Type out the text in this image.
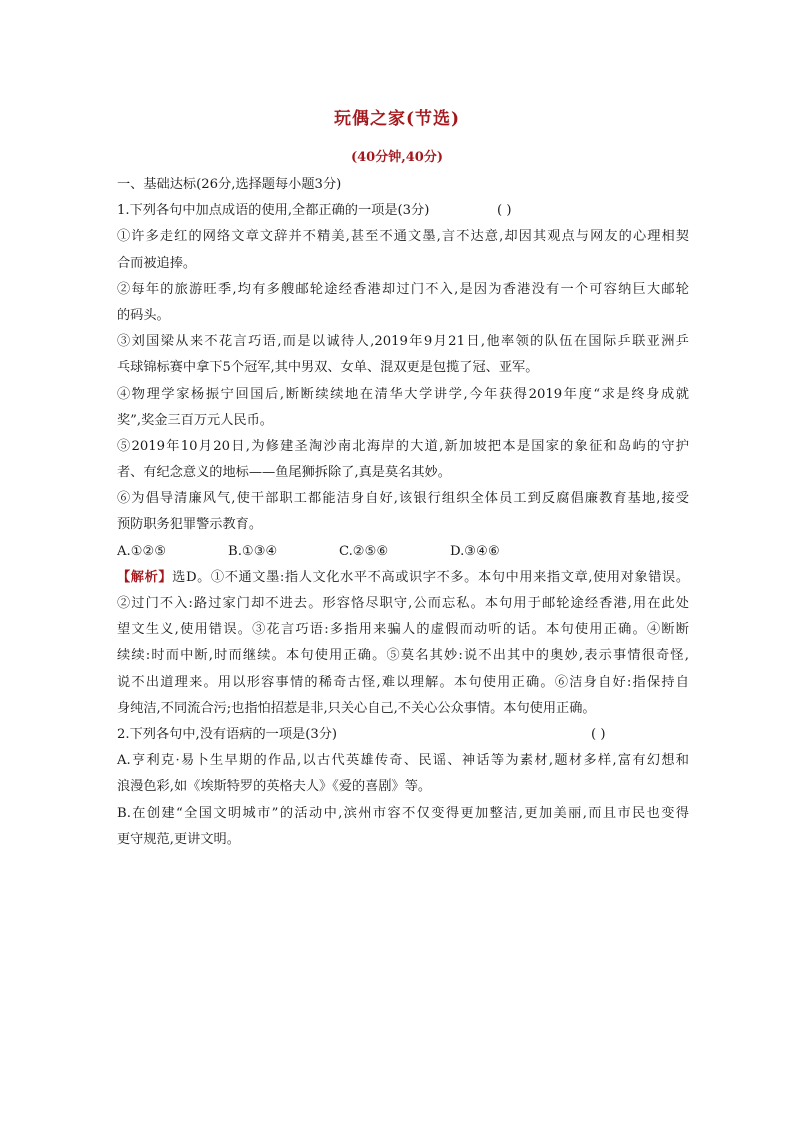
玩偶之家(节选)
(40分钟,40分)
一、基础达标(26分,选择题每小题3分)
1.下列各句中加点成语的使用,全都正确的一项是(3分)	( )
①许多走红的网络文章文辞并不精美,甚至不通文墨,言不达意,却因其观点与网友的心理相契
合而被追捧。
②每年的旅游旺季,均有多艘邮轮途经香港却过门不入,是因为香港没有一个可容纳巨大邮轮
的码头。
③刘国梁从来不花言巧语,而是以诚待人,2019年9月21日,他率领的队伍在国际乒联亚洲乒
乓球锦标赛中拿下5个冠军,其中男双、女单、混双更是包揽了冠、亚军。
④物理学家杨振宁回国后,断断续续地在清华大学讲学,今年获得2019年度“求是终身成就
奖”,奖金三百万元人民币。
⑤2019年10月20日,为修建圣淘沙南北海岸的大道,新加坡把本是国家的象征和岛屿的守护
者、有纪念意义的地标——鱼尾狮拆除了,真是莫名其妙。
⑥为倡导清廉风气,使干部职工都能洁身自好,该银行组织全体员工到反腐倡廉教育基地,接受
预防职务犯罪警示教育。
A.①②⑤	B.①③④	C.②⑤⑥	D.③④⑥
【解析】选D。①不通文墨:指人文化水平不高或识字不多。本句中用来指文章,使用对象错误。
②过门不入:路过家门却不进去。形容恪尽职守,公而忘私。本句用于邮轮途经香港,用在此处
望文生义,使用错误。③花言巧语:多指用来骗人的虚假而动听的话。本句使用正确。④断断
续续:时而中断,时而继续。本句使用正确。⑤莫名其妙:说不出其中的奥妙,表示事情很奇怪,
说不出道理来。用以形容事情的稀奇古怪,难以理解。本句使用正确。⑥洁身自好:指保持自
身纯洁,不同流合污;也指怕招惹是非,只关心自己,不关心公众事情。本句使用正确。
2.下列各句中,没有语病的一项是(3分)	( )
A.亨利克·易卜生早期的作品,以古代英雄传奇、民谣、神话等为素材,题材多样,富有幻想和
浪漫色彩,如《埃斯特罗的英格夫人》《爱的喜剧》等。
B.在创建“全国文明城市”的活动中,滨州市容不仅变得更加整洁,更加美丽,而且市民也变得
更守规范,更讲文明。
